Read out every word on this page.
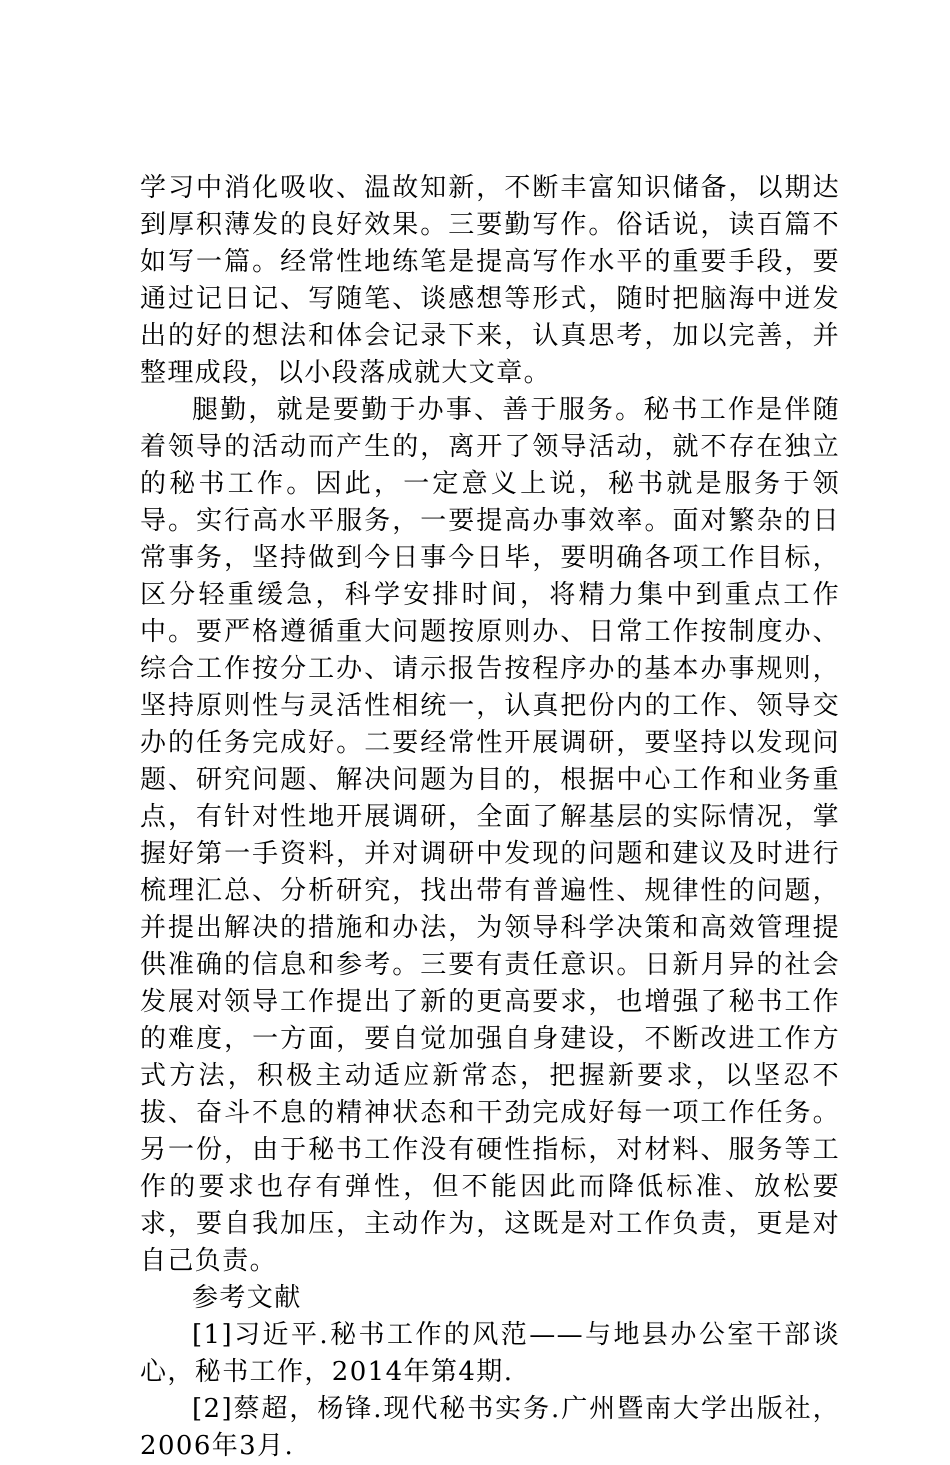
学习中消化吸收、温故知新，不断丰富知识储备，以期达到厚积薄发的良好效果。三要勤写作。俗话说，读百篇不如写一篇。经常性地练笔是提高写作水平的重要手段，要通过记日记、写随笔、谈感想等形式，随时把脑海中迸发出的好的想法和体会记录下来，认真思考，加以完善，并整理成段，以小段落成就大文章。

腿勤，就是要勤于办事、善于服务。秘书工作是伴随着领导的活动而产生的，离开了领导活动，就不存在独立的秘书工作。因此，一定意义上说，秘书就是服务于领导。实行高水平服务，一要提高办事效率。面对繁杂的日常事务，坚持做到今日事今日毕，要明确各项工作目标，区分轻重缓急，科学安排时间，将精力集中到重点工作中。要严格遵循重大问题按原则办、日常工作按制度办、综合工作按分工办、请示报告按程序办的基本办事规则，坚持原则性与灵活性相统一，认真把份内的工作、领导交办的任务完成好。二要经常性开展调研，要坚持以发现问题、研究问题、解决问题为目的，根据中心工作和业务重点，有针对性地开展调研，全面了解基层的实际情况，掌握好第一手资料，并对调研中发现的问题和建议及时进行梳理汇总、分析研究，找出带有普遍性、规律性的问题，并提出解决的措施和办法，为领导科学决策和高效管理提供准确的信息和参考。三要有责任意识。日新月异的社会发展对领导工作提出了新的更高要求，也增强了秘书工作的难度，一方面，要自觉加强自身建设，不断改进工作方式方法，积极主动适应新常态，把握新要求，以坚忍不拔、奋斗不息的精神状态和干劲完成好每一项工作任务。另一份，由于秘书工作没有硬性指标，对材料、服务等工作的要求也存有弹性，但不能因此而降低标准、放松要求，要自我加压，主动作为，这既是对工作负责，更是对自己负责。

参考文献

[1]习近平.秘书工作的风范——与地县办公室干部谈心，秘书工作，2014年第4期.

[2]蔡超，杨锋.现代秘书实务.广州暨南大学出版社，2006年3月.
